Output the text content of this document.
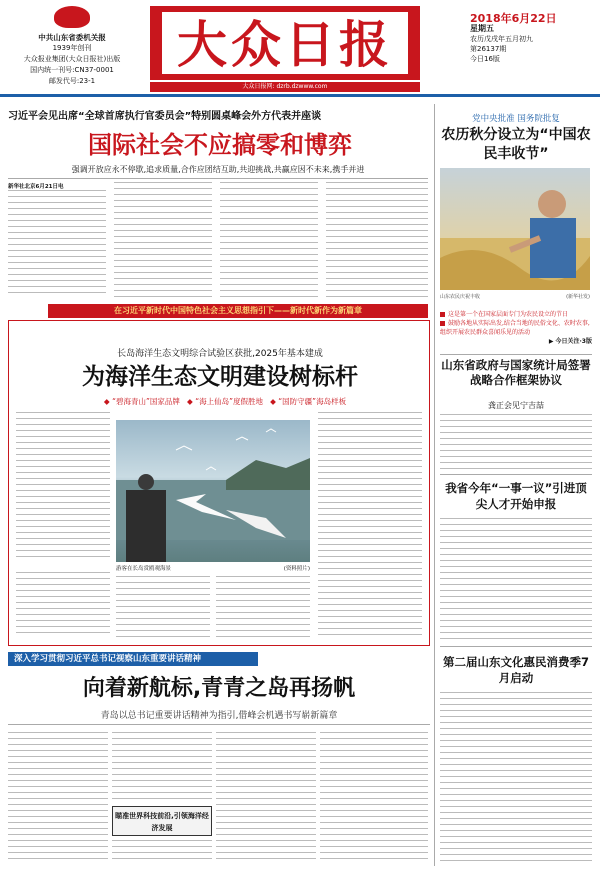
中共山东省委机关报
1939年创刊
大众报业集团(大众日报社)出版
国内统一刊号:CN37-0001
邮发代号:23-1
大众日报
大众日报网: dzrb.dzwww.com
2018年6月22日
星期五
农历戊戌年五月初九
第26137期
今日16版
习近平会见出席“全球首席执行官委员会”特别圆桌峰会外方代表并座谈
国际社会不应搞零和博弈
强调开放应永不停歇,追求质量,合作应团结互助,共迎挑战,共赢应因不未来,携手并进
新华社北京6月21日电
在习近平新时代中国特色社会主义思想指引下——新时代新作为新篇章
长岛海洋生态文明综合试验区获批,2025年基本建成
为海洋生态文明建设树标杆
◆ “碧海青山”国家品牌 ◆ “海上仙岛”度假胜地 ◆ “国防守疆”海岛样板
游客在长岛赏鸥观海景	(资料照片)
党中央批准 国务院批复
农历秋分设立为“中国农民丰收节”
山东农民庆祝丰收	(新华社发)
这是第一个在国家层面专门为农民设立的节日
鼓励各地从实际出发,结合当地的民俗文化、农时农事,组织开展农民群众喜闻乐见的活动
▶ 今日关注·3版
山东省政府与国家统计局签署战略合作框架协议
龚正会见宁吉喆
我省今年“一事一议”引进顶尖人才开始申报
第二届山东文化惠民消费季7月启动
深入学习贯彻习近平总书记视察山东重要讲话精神
向着新航标,青青之岛再扬帆
青岛以总书记重要讲话精神为指引,借峰会机遇书写崭新篇章
瞄准世界科技前沿,引领海洋经济发展
